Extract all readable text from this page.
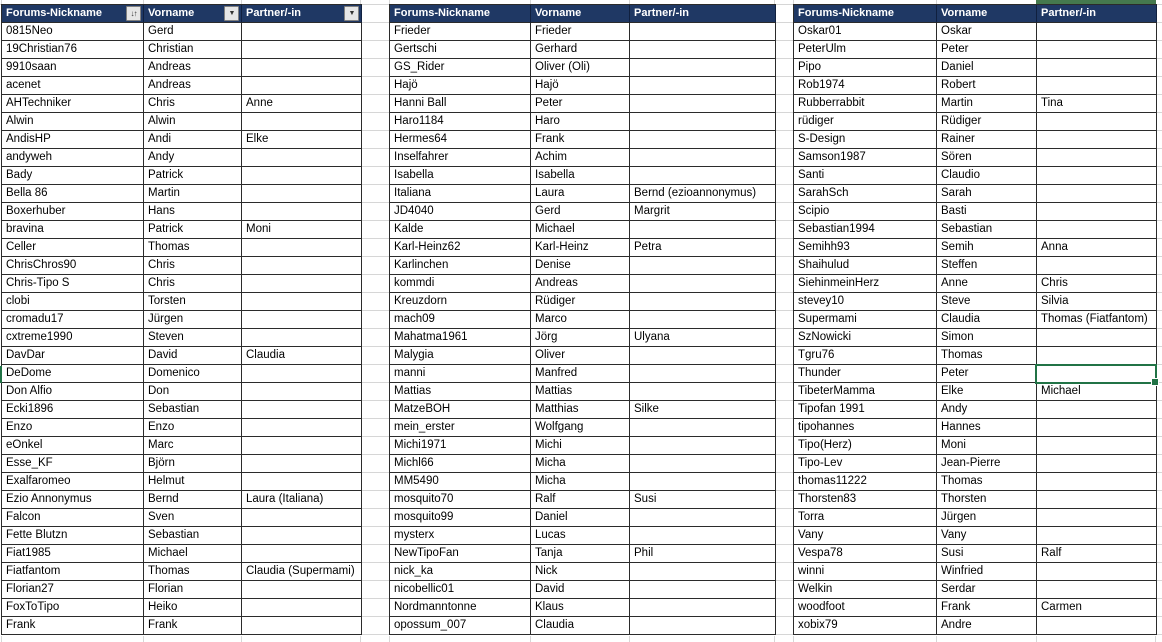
Forums-Nickname	↓↑ Vorname	▼ Partner/-in	▼
0815Neo	Gerd
19Christian76	Christian
9910saan	Andreas
acenet	Andreas
AHTechniker	Chris	Anne
Alwin	Alwin
AndisHP	Andi	Elke
andyweh	Andy
Bady	Patrick
Bella 86	Martin
Boxerhuber	Hans
bravina	Patrick	Moni
Celler	Thomas
ChrisChros90	Chris
Chris-Tipo S	Chris
clobi	Torsten
cromadu17	Jürgen
cxtreme1990	Steven
DavDar	David	Claudia
DeDome	Domenico
Don Alfio	Don
Ecki1896	Sebastian
Enzo	Enzo
eOnkel	Marc
Esse_KF	Björn
Exalfaromeo	Helmut
Ezio Annonymus	Bernd	Laura (Italiana)
Falcon	Sven
Fette Blutzn	Sebastian
Fiat1985	Michael
Fiatfantom	Thomas	Claudia (Supermami)
Florian27	Florian
FoxToTipo	Heiko
Frank	Frank
Forums-Nickname	Vorname	Partner/-in
Frieder	Frieder
Gertschi	Gerhard
GS_Rider	Oliver (Oli)
Hajö	Hajö
Hanni Ball	Peter
Haro1184	Haro
Hermes64	Frank
Inselfahrer	Achim
Isabella	Isabella
Italiana	Laura	Bernd (ezioannonymus)
JD4040	Gerd	Margrit
Kalde	Michael
Karl-Heinz62	Karl-Heinz	Petra
Karlinchen	Denise
kommdi	Andreas
Kreuzdorn	Rüdiger
mach09	Marco
Mahatma1961	Jörg	Ulyana
Malygia	Oliver
manni	Manfred
Mattias	Mattias
MatzeBOH	Matthias	Silke
mein_erster	Wolfgang
Michi1971	Michi
Michl66	Micha
MM5490	Micha
mosquito70	Ralf	Susi
mosquito99	Daniel
mysterx	Lucas
NewTipoFan	Tanja	Phil
nick_ka	Nick
nicobellic01	David
Nordmanntonne	Klaus
opossum_007	Claudia
Forums-Nickname	Vorname	Partner/-in
Oskar01	Oskar
PeterUlm	Peter
Pipo	Daniel
Rob1974	Robert
Rubberrabbit	Martin	Tina
rüdiger	Rüdiger
S-Design	Rainer
Samson1987	Sören
Santi	Claudio
SarahSch	Sarah
Scipio	Basti
Sebastian1994	Sebastian
Semihh93	Semih	Anna
Shaihulud	Steffen
SiehinmeinHerz	Anne	Chris
stevey10	Steve	Silvia
Supermami	Claudia	Thomas (Fiatfantom)
SzNowicki	Simon
Tgru76	Thomas
Thunder	Peter
TibeterMamma	Elke	Michael
Tipofan 1991	Andy
tipohannes	Hannes
Tipo(Herz)	Moni
Tipo-Lev	Jean-Pierre
thomas11222	Thomas
Thorsten83	Thorsten
Torra	Jürgen
Vany	Vany
Vespa78	Susi	Ralf
winni	Winfried
Welkin	Serdar
woodfoot	Frank	Carmen
xobix79	Andre
